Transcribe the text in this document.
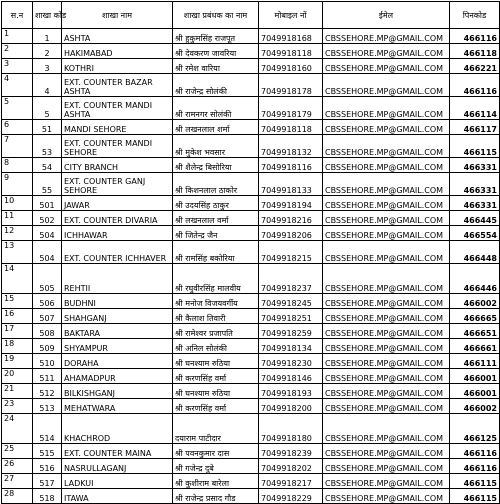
स.न	शाखा कोड	शाखा नाम	शाखा प्रबंधक का नाम	मोबाइल नों	ईमेल	पिनकोड
1	1	ASHTA	श्री हुकुमसिंह राजपूत	7049918168	CBSSEHORE.MP@GMAIL.COM	466116
2	2	HAKIMABAD	श्री देवकरण जावरिया	7049918118	CBSSEHORE.MP@GMAIL.COM	466118
3	3	KOTHRI	श्री रमेश वारिया	7049918160	CBSSEHORE.MP@GMAIL.COM	466221
4	4	EXT. COUNTER BAZAR ASHTA	श्री राजेन्द्र सोलंकी	7049918178	CBSSEHORE.MP@GMAIL.COM	466116
5	5	EXT. COUNTER MANDI ASHTA	श्री रामनगर सोलंकी	7049918179	CBSSEHORE.MP@GMAIL.COM	466114
6	51	MANDI SEHORE	श्री लखनलाल शर्मा	7049918118	CBSSEHORE.MP@GMAIL.COM	466117
7	53	EXT. COUNTER MANDI SEHORE	श्री मुकेश भवसार	7049918132	CBSSEHORE.MP@GMAIL.COM	466115
8	54	CITY BRANCH	श्री शैलेन्द्र बिसोरिया	7049918116	CBSSEHORE.MP@GMAIL.COM	466331
9	55	EXT. COUNTER GANJ SEHORE	श्री किशनलाल ठाकोर	7049918133	CBSSEHORE.MP@GMAIL.COM	466331
10	501	JAWAR	श्री उदयसिंह ठाकुर	7049918194	CBSSEHORE.MP@GMAIL.COM	466331
11	502	EXT. COUNTER DIVARIA	श्री लखनलाल वर्मा	7049918216	CBSSEHORE.MP@GMAIL.COM	466445
12	504	ICHHAWAR	श्री जितेन्द्र जैन	7049918206	CBSSEHORE.MP@GMAIL.COM	466554
13	504	EXT. COUNTER ICHHAVER	श्री रामसिंह बकोरिया	7049918215	CBSSEHORE.MP@GMAIL.COM	466448
14	505	REHTII	श्री रघुवीरसिंह मालवीय	7049918237	CBSSEHORE.MP@GMAIL.COM	466446
15	506	BUDHNI	श्री मनोज विजयवर्गीय	7049918245	CBSSEHORE.MP@GMAIL.COM	466002
16	507	SHAHGANJ	श्री कैलाश तिवारी	7049918251	CBSSEHORE.MP@GMAIL.COM	466665
17	508	BAKTARA	श्री रामेश्वर प्रजापति	7049918259	CBSSEHORE.MP@GMAIL.COM	466651
18	509	SHYAMPUR	श्री अनिल सोलंकी	7049918134	CBSSEHORE.MP@GMAIL.COM	466661
19	510	DORAHA	श्री घनश्याम रुठिया	7049918230	CBSSEHORE.MP@GMAIL.COM	466111
20	511	AHAMADPUR	श्री करणसिंह वर्मा	7049918146	CBSSEHORE.MP@GMAIL.COM	466001
21	512	BILKISHGANJ	श्री घनश्याम रुठिया	7049918193	CBSSEHORE.MP@GMAIL.COM	466001
23	513	MEHATWARA	श्री करणसिंह वर्मा	7049918200	CBSSEHORE.MP@GMAIL.COM	466002
24	514	KHACHROD	दयाराम पाटीदार	7049918180	CBSSEHORE.MP@GMAIL.COM	466125
25	515	EXT. COUNTER MAINA	श्री पवनकुमार दास	7049918239	CBSSEHORE.MP@GMAIL.COM	466116
26	516	NASRULLAGANJ	श्री गजेन्द्र दुबे	7049918202	CBSSEHORE.MP@GMAIL.COM	466116
27	517	LADKUI	श्री कुशीराम बारेला	7049918217	CBSSEHORE.MP@GMAIL.COM	466115
28	518	ITAWA	श्री राजेन्द्र प्रसाद गौड	7049918229	CBSSEHORE.MP@GMAIL.COM	466115
